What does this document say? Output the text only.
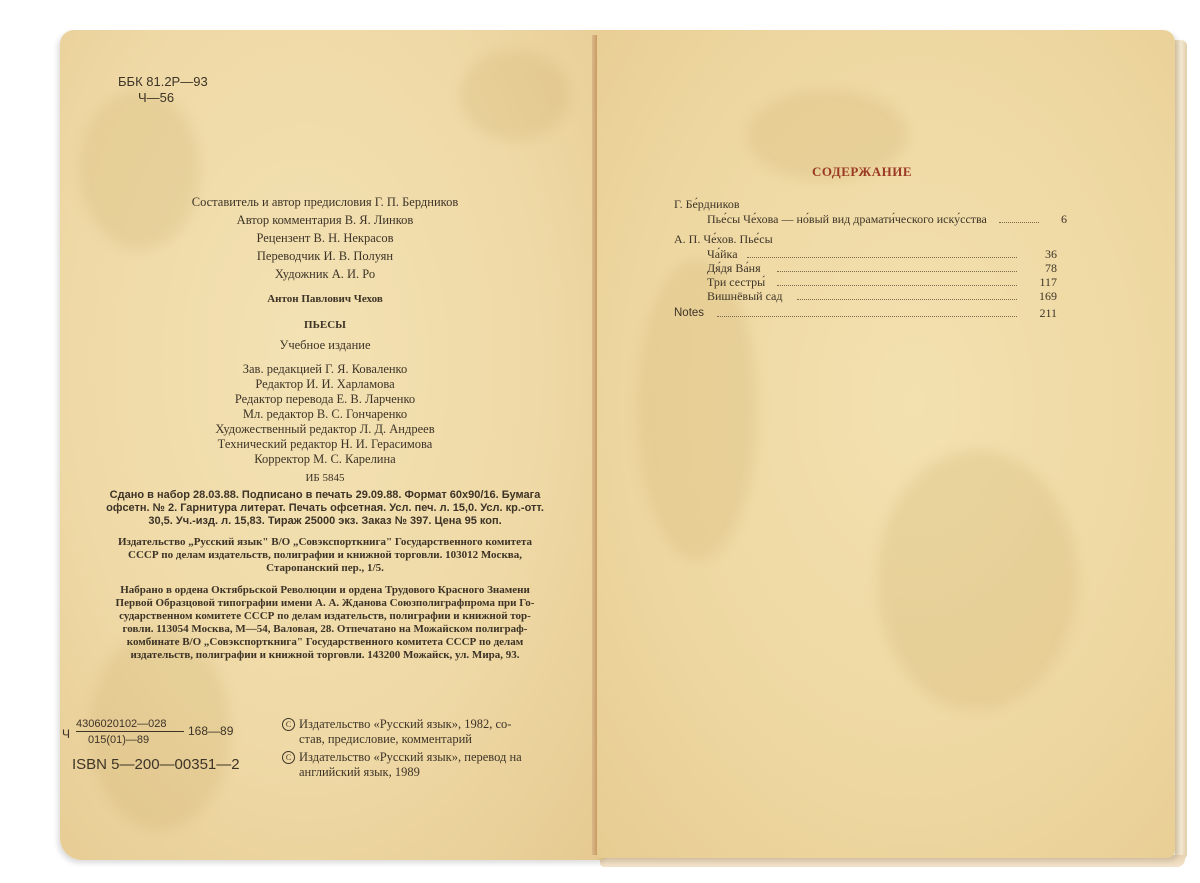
ББК 81.2Р—93
Ч—56
Составитель и автор предисловия Г. П. Бердников
Автор комментария В. Я. Линков
Рецензент В. Н. Некрасов
Переводчик И. В. Полуян
Художник А. И. Ро
Антон Павлович Чехов
ПЬЕСЫ
Учебное издание
Зав. редакцией Г. Я. Коваленко
Редактор И. И. Харламова
Редактор перевода Е. В. Ларченко
Мл. редактор В. С. Гончаренко
Художественный редактор Л. Д. Андреев
Технический редактор Н. И. Герасимова
Корректор М. С. Карелина
ИБ 5845
Сдано в набор 28.03.88. Подписано в печать 29.09.88. Формат 60х90/16. Бумага
офсетн. № 2. Гарнитура литерат. Печать офсетная. Усл. печ. л. 15,0. Усл. кр.-отт.
30,5. Уч.-изд. л. 15,83. Тираж 25000 экз. Заказ № 397. Цена 95 коп.
Издательство „Русский язык" В/О „Совэкспорткнига" Государственного комитета
СССР по делам издательств, полиграфии и книжной торговли. 103012 Москва,
Старопанский пер., 1/5.
Набрано в ордена Октябрьской Революции и ордена Трудового Красного Знамени
Первой Образцовой типографии имени А. А. Жданова Союзполиграфпрома при Го-
сударственном комитете СССР по делам издательств, полиграфии и книжной тор-
говли. 113054 Москва, М—54, Валовая, 28. Отпечатано на Можайском полиграф-
комбинате В/О „Совэкспорткнига" Государственного комитета СССР по делам
издательств, полиграфии и книжной торговли. 143200 Можайск, ул. Мира, 93.
Ч
4306020102—028
015(01)—89
168—89
ISBN 5—200—00351—2
C Издательство «Русский язык», 1982, со-
став, предисловие, комментарий
C Издательство «Русский язык», перевод на
английский язык, 1989
СОДЕРЖАНИЕ
Г. Бе́рдников
Пье́сы Че́хова — но́вый вид драмати́ческого иску́сства	6
А. П. Че́хов. Пье́сы
Ча́йка	36
Дя́дя Ва́ня	78
Три сестры́	117
Вишнёвый сад	169
Notes	211
